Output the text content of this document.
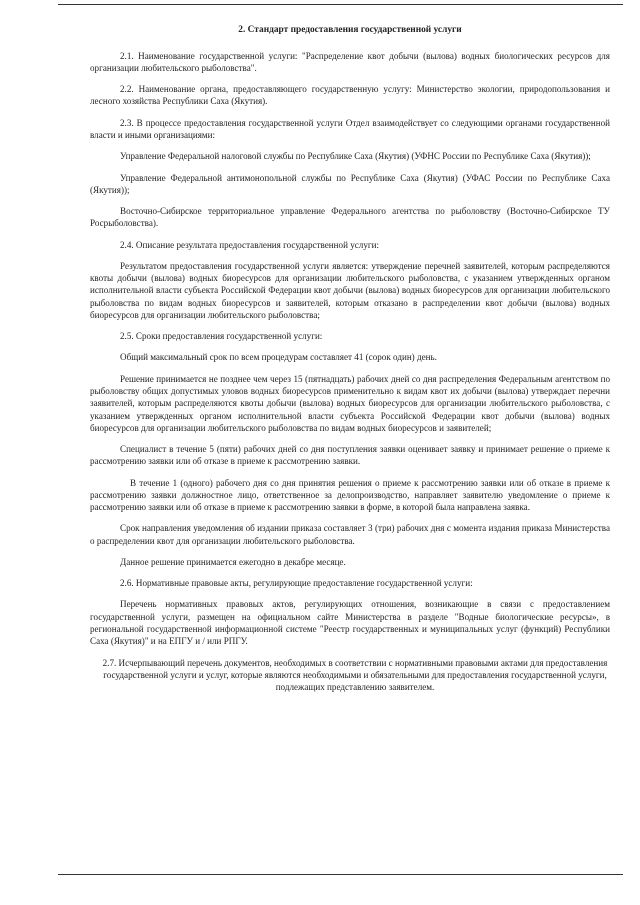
2. Стандарт предоставления государственной услуги

2.1. Наименование государственной услуги: "Распределение квот добычи (вылова) водных биологических ресурсов для организации любительского рыболовства".

2.2. Наименование органа, предоставляющего государственную услугу: Министерство экологии, природопользования и лесного хозяйства Республики Саха (Якутия).

2.3. В процессе предоставления государственной услуги Отдел взаимодействует со следующими органами государственной власти и иными организациями:

Управление Федеральной налоговой службы по Республике Саха (Якутия) (УФНС России по Республике Саха (Якутия));

Управление Федеральной антимонопольной службы по Республике Саха (Якутия) (УФАС России по Республике Саха (Якутия));

Восточно-Сибирское территориальное управление Федерального агентства по рыболовству (Восточно-Сибирское ТУ Росрыболовства).

2.4. Описание результата предоставления государственной услуги:

Результатом предоставления государственной услуги является: утверждение перечней заявителей, которым распределяются квоты добычи (вылова) водных биоресурсов для организации любительского рыболовства, с указанием утвержденных органом исполнительной власти субъекта Российской Федерации квот добычи (вылова) водных биоресурсов для организации любительского рыболовства по видам водных биоресурсов и заявителей, которым отказано в распределении квот добычи (вылова) водных биоресурсов для организации любительского рыболовства;

2.5. Сроки предоставления государственной услуги:

Общий максимальный срок по всем процедурам составляет 41 (сорок один) день.

Решение принимается не позднее чем через 15 (пятнадцать) рабочих дней со дня распределения Федеральным агентством по рыболовству общих допустимых уловов водных биоресурсов применительно к видам квот их добычи (вылова) утверждает перечни заявителей, которым распределяются квоты добычи (вылова) водных биоресурсов для организации любительского рыболовства, с указанием утвержденных органом исполнительной власти субъекта Российской Федерации квот добычи (вылова) водных биоресурсов для организации любительского рыболовства по видам водных биоресурсов и заявителей;

Специалист в течение 5 (пяти) рабочих дней со дня поступления заявки оценивает заявку и принимает решение о приеме к рассмотрению заявки или об отказе в приеме к рассмотрению заявки.

В течение 1 (одного) рабочего дня со дня принятия решения о приеме к рассмотрению заявки или об отказе в приеме к рассмотрению заявки должностное лицо, ответственное за делопроизводство, направляет заявителю уведомление о приеме к рассмотрению заявки или об отказе в приеме к рассмотрению заявки в форме, в которой была направлена заявка.

Срок направления уведомления об издании приказа составляет 3 (три) рабочих дня с момента издания приказа Министерства о распределении квот для организации любительского рыболовства.

Данное решение принимается ежегодно в декабре месяце.

2.6. Нормативные правовые акты, регулирующие предоставление государственной услуги:

Перечень нормативных правовых актов, регулирующих отношения, возникающие в связи с предоставлением государственной услуги, размещен на официальном сайте Министерства в разделе "Водные биологические ресурсы», в региональной государственной информационной системе "Реестр государственных и муниципальных услуг (функций) Республики Саха (Якутия)" и на ЕПГУ и / или РПГУ.

2.7. Исчерпывающий перечень документов, необходимых в соответствии с нормативными правовыми актами для предоставления государственной услуги и услуг, которые являются необходимыми и обязательными для предоставления государственной услуги, подлежащих представлению заявителем.
